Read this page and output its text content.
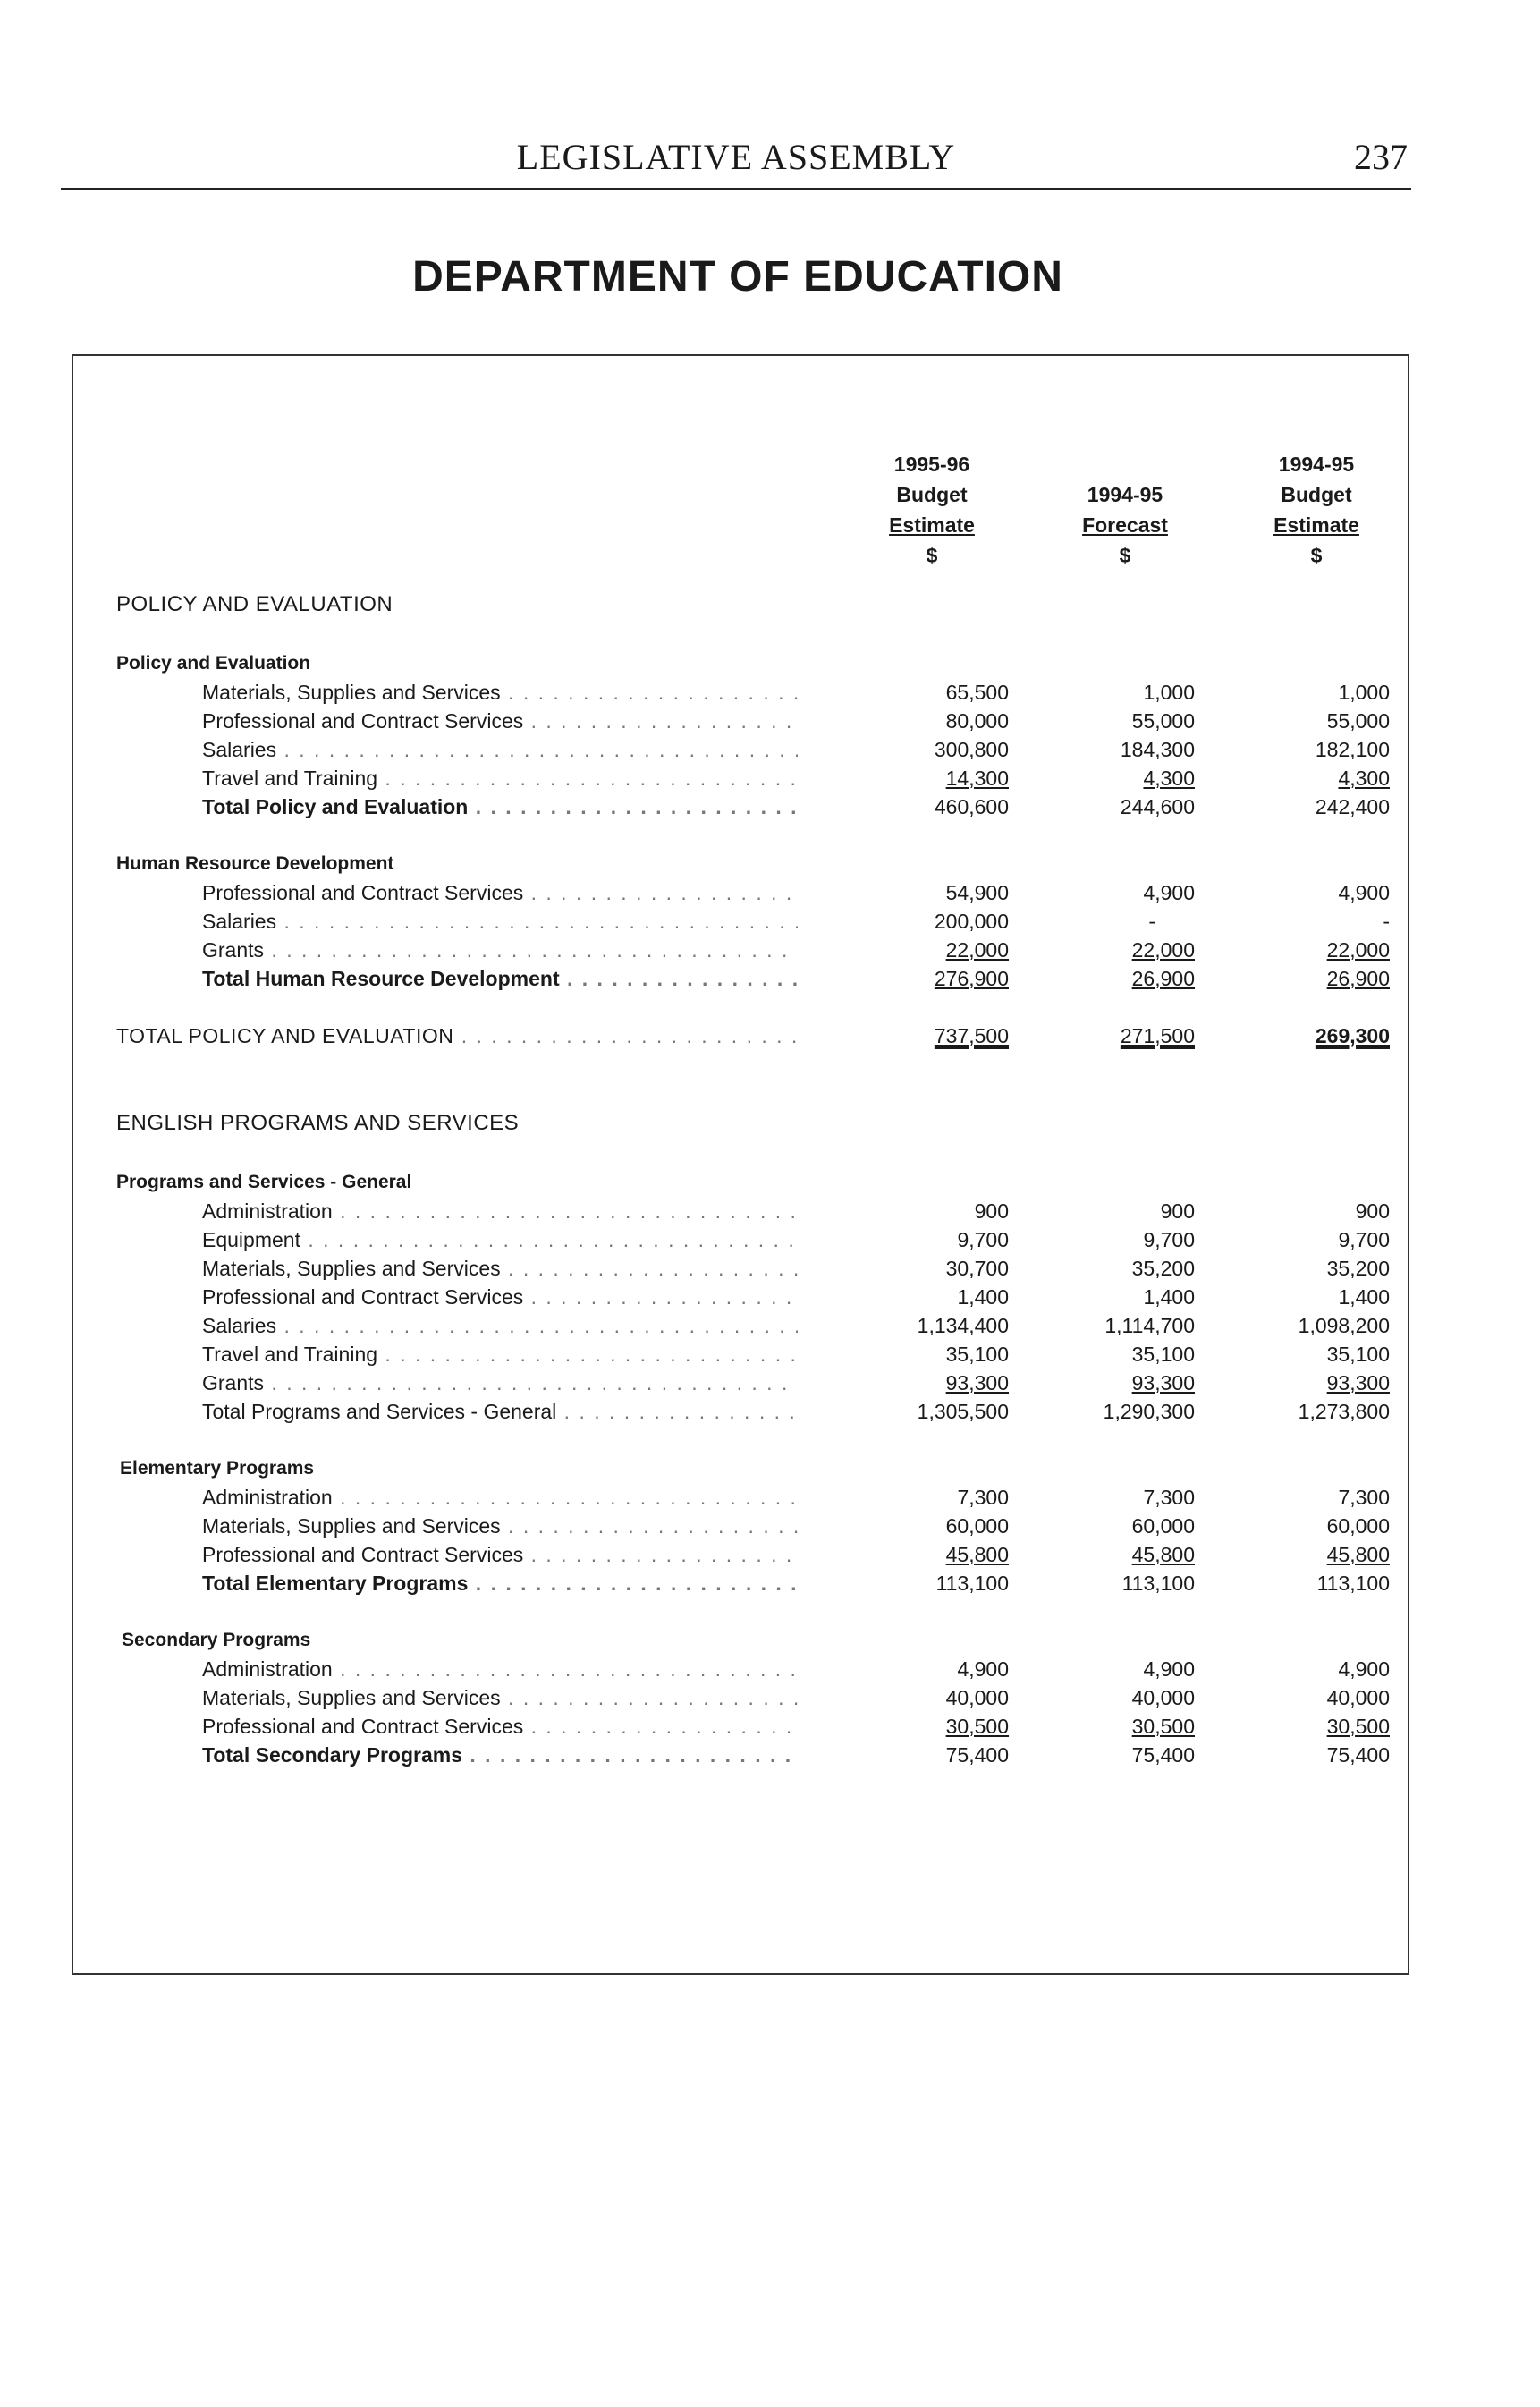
LEGISLATIVE ASSEMBLY	237
DEPARTMENT OF EDUCATION
1995-96
Budget
Estimate
$
1994-95
Forecast
$
1994-95
Budget
Estimate
$
POLICY AND EVALUATION
Policy and Evaluation
Materials, Supplies and Services . . .	65,500	1,000	1,000
Professional and Contract Services . . .	80,000	55,000	55,000
Salaries . . .	300,800	184,300	182,100
Travel and Training . . .	14,300	4,300	4,300
Total Policy and Evaluation . . .	460,600	244,600	242,400
Human Resource Development
Professional and Contract Services . . .	54,900	4,900	4,900
Salaries . . .	200,000	-	-
Grants . . .	22,000	22,000	22,000
Total Human Resource Development . . .	276,900	26,900	26,900
TOTAL POLICY AND EVALUATION . . .	737,500	271,500	269,300
ENGLISH PROGRAMS AND SERVICES
Programs and Services - General
Administration . . .	900	900	900
Equipment . . .	9,700	9,700	9,700
Materials, Supplies and Services . . .	30,700	35,200	35,200
Professional and Contract Services . . .	1,400	1,400	1,400
Salaries . . .	1,134,400	1,114,700	1,098,200
Travel and Training . . .	35,100	35,100	35,100
Grants . . .	93,300	93,300	93,300
Total Programs and Services - General . . .	1,305,500	1,290,300	1,273,800
Elementary Programs
Administration . . .	7,300	7,300	7,300
Materials, Supplies and Services . . .	60,000	60,000	60,000
Professional and Contract Services . . .	45,800	45,800	45,800
Total Elementary Programs . . .	113,100	113,100	113,100
Secondary Programs
Administration . . .	4,900	4,900	4,900
Materials, Supplies and Services . . .	40,000	40,000	40,000
Professional and Contract Services . . .	30,500	30,500	30,500
Total Secondary Programs . . .	75,400	75,400	75,400
